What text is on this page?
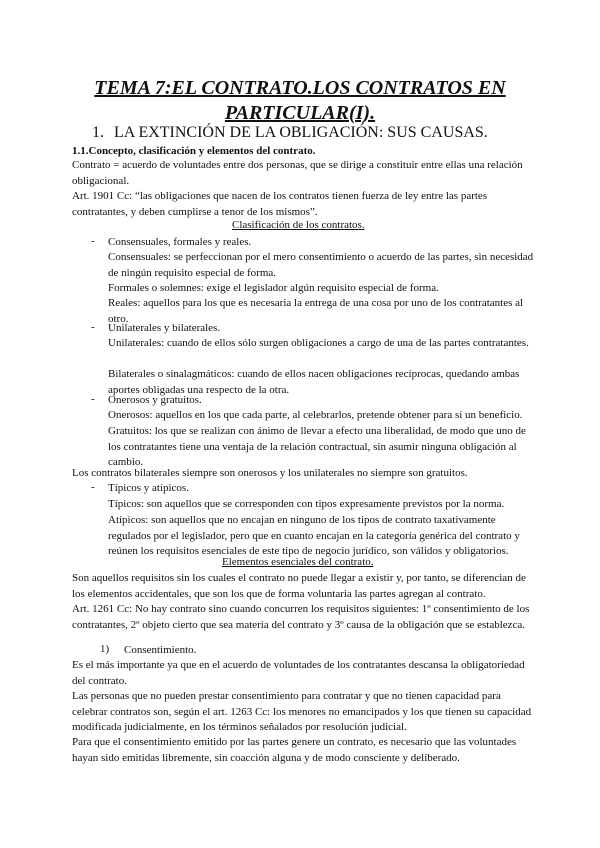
TEMA 7:EL CONTRATO.LOS CONTRATOS EN
PARTICULAR(I).
1. LA EXTINCIÓN DE LA OBLIGACIÓN: SUS CAUSAS.
1.1.Concepto, clasificación y elementos del contrato.

Contrato = acuerdo de voluntades entre dos personas, que se dirige a constituir entre ellas una relación obligacional.

Art. 1901 Cc: “las obligaciones que nacen de los contratos tienen fuerza de ley entre las partes contratantes, y deben cumplirse a tenor de los mismos”.

Clasificación de los contratos.

- Consensuales, formales y reales.

Consensuales: se perfeccionan por el mero consentimiento o acuerdo de las partes, sin necesidad de ningún requisito especial de forma.

Formales o solemnes: exige el legislador algún requisito especial de forma.

Reales: aquellos para los que es necesaria la entrega de una cosa por uno de los contratantes al otro.

- Unilaterales y bilaterales.

Unilaterales: cuando de ellos sólo surgen obligaciones a cargo de una de las partes contratantes.

Bilaterales o sinalagmáticos: cuando de ellos nacen obligaciones recíprocas, quedando ambas aportes obligadas una respecto de la otra.

- Onerosos y gratuitos.

Onerosos: aquellos en los que cada parte, al celebrarlos, pretende obtener para sí un beneficio.

Gratuitos: los que se realizan con ánimo de llevar a efecto una liberalidad, de modo que uno de los contratantes tiene una ventaja de la relación contractual, sin asumir ninguna obligación al cambio.

Los contratos bilaterales siempre son onerosos y los unilaterales no siempre son gratuitos.

- Típicos y atípicos.

Típicos: son aquellos que se corresponden con tipos expresamente previstos por la norma.

Atípicos: son aquellos que no encajan en ninguno de los tipos de contrato taxativamente regulados por el legislador, pero que en cuanto encajan en la categoría genérica del contrato y reúnen los requisitos esenciales de este tipo de negocio jurídico, son válidos y obligatorios.

Elementos esenciales del contrato.

Son aquellos requisitos sin los cuales el contrato no puede llegar a existir y, por tanto, se diferencian de los elementos accidentales, que son los que de forma voluntaria las partes agregan al contrato.

Art. 1261 Cc: No hay contrato sino cuando concurren los requisitos siguientes: 1º consentimiento de los contratantes, 2º objeto cierto que sea materia del contrato y 3º causa de la obligación que se establezca.

1) Consentimiento.

Es el más importante ya que en el acuerdo de voluntades de los contratantes descansa la obligatoriedad del contrato.

Las personas que no pueden prestar consentimiento para contratar y que no tienen capacidad para celebrar contratos son, según el art. 1263 Cc: los menores no emancipados y los que tienen su capacidad modificada judicialmente, en los términos señalados por resolución judicial.

Para que el consentimiento emitido por las partes genere un contrato, es necesario que las voluntades hayan sido emitidas libremente, sin coacción alguna y de modo consciente y deliberado.
